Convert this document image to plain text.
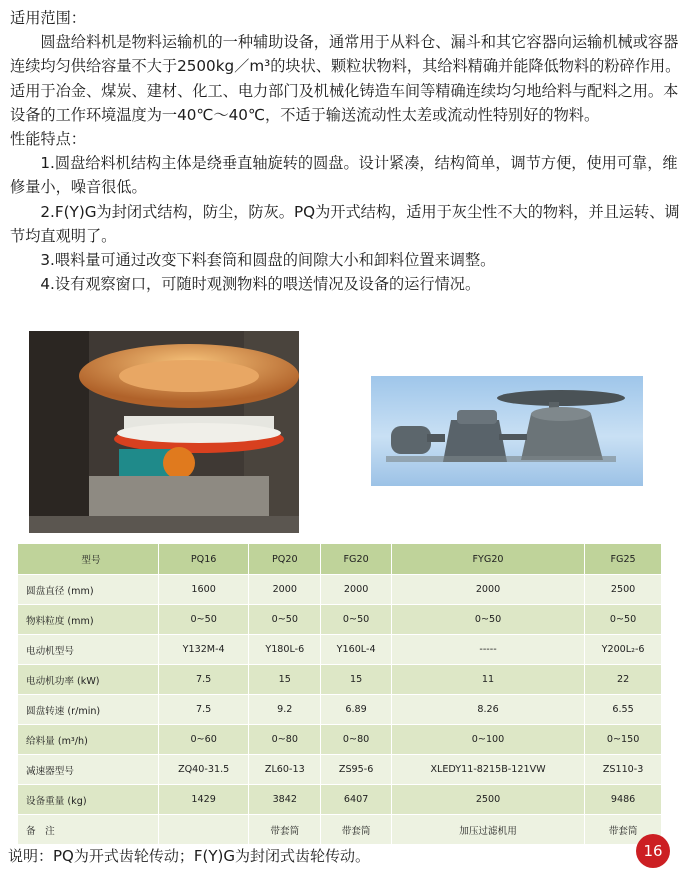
适用范围：

圆盘给料机是物料运输机的一种辅助设备，通常用于从料仓、漏斗和其它容器向运输机械或容器连续均匀供给容量不大于2500kg／m³的块状、颗粒状物料，其给料精确并能降低物料的粉碎作用。适用于冶金、煤炭、建材、化工、电力部门及机械化铸造车间等精确连续均匀地给料与配料之用。本设备的工作环境温度为一40℃～40℃，不适于输送流动性太差或流动性特别好的物料。

性能特点：

1.圆盘给料机结构主体是绕垂直轴旋转的圆盘。设计紧凑，结构简单，调节方便，使用可靠，维修量小，噪音很低。

2.F(Y)G为封闭式结构，防尘，防灰。PQ为开式结构，适用于灰尘性不大的物料，并且运转、调节均直观明了。

3.喂料量可通过改变下料套筒和圆盘的间隙大小和卸料位置来调整。

4.设有观察窗口，可随时观测物料的喂送情况及设备的运行情况。

型号	PQ16	PQ20	FG20	FYG20	FG25
圆盘直径 (mm)	1600	2000	2000	2000	2500
物料粒度 (mm)	0~50	0~50	0~50	0~50	0~50
电动机型号	Y132M-4	Y180L-6	Y160L-4	-----	Y200L₂-6
电动机功率 (kW)	7.5	15	15	11	22
圆盘转速 (r/min)	7.5	9.2	6.89	8.26	6.55
给料量 (m³/h)	0~60	0~80	0~80	0~100	0~150
减速器型号	ZQ40-31.5	ZL60-13	ZS95-6	XLEDY11-8215B-121VW	ZS110-3
设备重量 (kg)	1429	3842	6407	2500	9486
备　注		带套筒	带套筒	加压过滤机用	带套筒
说明：PQ为开式齿轮传动；F(Y)G为封闭式齿轮传动。	16
